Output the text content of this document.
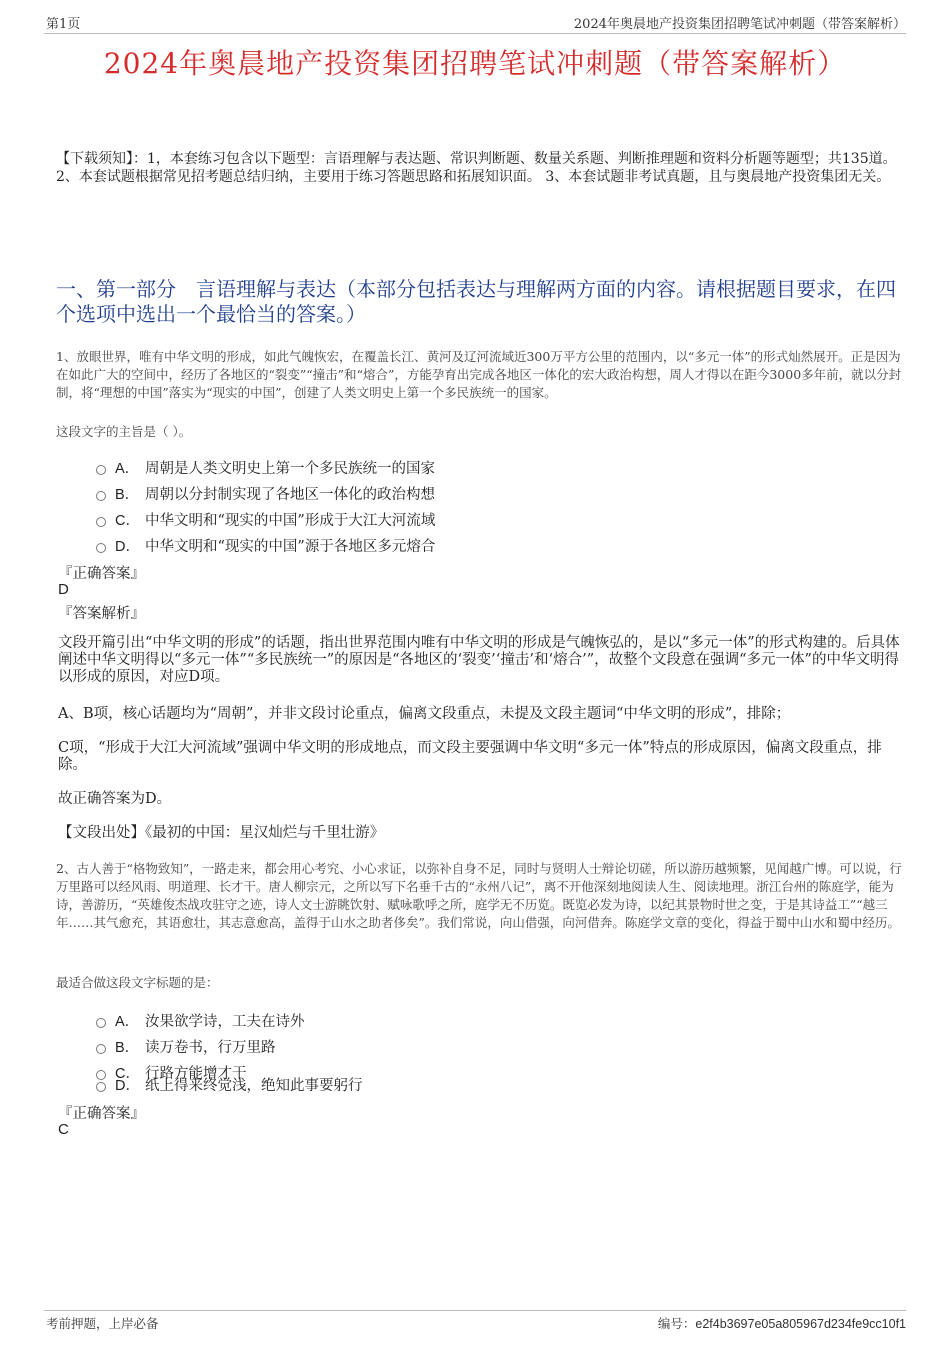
第1页	2024年奥晨地产投资集团招聘笔试冲刺题（带答案解析）
2024年奥晨地产投资集团招聘笔试冲刺题（带答案解析）
【下载须知】：1，本套练习包含以下题型：言语理解与表达题、常识判断题、数量关系题、判断推理题和资料分析题等题型；共135道。 2、本套试题根据常见招考题总结归纳，主要用于练习答题思路和拓展知识面。 3、本套试题非考试真题，且与奥晨地产投资集团无关。
一、第一部分　言语理解与表达（本部分包括表达与理解两方面的内容。请根据题目要求，在四个选项中选出一个最恰当的答案。）
1、放眼世界，唯有中华文明的形成，如此气魄恢宏，在覆盖长江、黄河及辽河流域近300万平方公里的范围内，以“多元一体”的形式灿然展开。正是因为在如此广大的空间中，经历了各地区的“裂变”“撞击”和“熔合”，方能孕育出完成各地区一体化的宏大政治构想，周人才得以在距今3000多年前，就以分封制，将“理想的中国”落实为“现实的中国”，创建了人类文明史上第一个多民族统一的国家。
这段文字的主旨是（ ）。
A． 周朝是人类文明史上第一个多民族统一的国家
B． 周朝以分封制实现了各地区一体化的政治构想
C． 中华文明和“现实的中国”形成于大江大河流域
D． 中华文明和“现实的中国”源于各地区多元熔合
『正确答案』
D
『答案解析』
文段开篇引出“中华文明的形成”的话题，指出世界范围内唯有中华文明的形成是气魄恢弘的，是以“多元一体”的形式构建的。后具体阐述中华文明得以“多元一体”“多民族统一”的原因是“各地区的‘裂变’‘撞击’和‘熔合’”，故整个文段意在强调“多元一体”的中华文明得以形成的原因，对应D项。
A、B项，核心话题均为“周朝”，并非文段讨论重点，偏离文段重点，未提及文段主题词“中华文明的形成”，排除；
C项，“形成于大江大河流域”强调中华文明的形成地点，而文段主要强调中华文明“多元一体”特点的形成原因，偏离文段重点，排除。
故正确答案为D。
【文段出处】《最初的中国：星汉灿烂与千里壮游》
2、古人善于“格物致知”，一路走来，都会用心考究、小心求证，以弥补自身不足，同时与贤明人士辩论切磋，所以游历越频繁，见闻越广博。可以说，行万里路可以经风雨、明道理、长才干。唐人柳宗元，之所以写下名垂千古的“永州八记”，离不开他深刻地阅读人生、阅读地理。浙江台州的陈庭学，能为诗，善游历，“英雄俊杰战攻驻守之迹，诗人文士游眺饮射、赋咏歌呼之所，庭学无不历览。既览必发为诗，以纪其景物时世之变，于是其诗益工”“越三年……其气愈充，其语愈壮，其志意愈高，盖得于山水之助者侈矣”。我们常说，向山借强，向河借奔。陈庭学文章的变化，得益于蜀中山水和蜀中经历。
最适合做这段文字标题的是：
A． 汝果欲学诗，工夫在诗外
B． 读万卷书，行万里路
C． 行路方能增才干
D． 纸上得来终觉浅，绝知此事要躬行
『正确答案』
C
考前押题，上岸必备	编号：e2f4b3697e05a805967d234fe9cc10f1
